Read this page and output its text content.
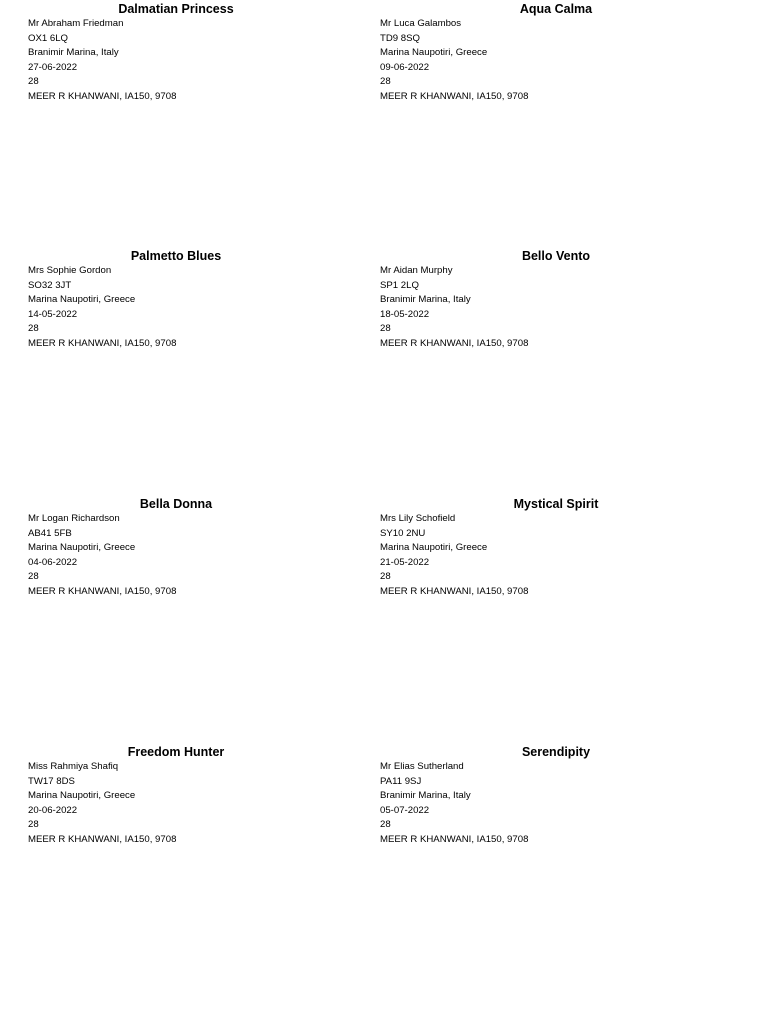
Dalmatian Princess
Mr Abraham Friedman
OX1 6LQ
Branimir Marina, Italy
27-06-2022
28
MEER R KHANWANI, IA150, 9708
Aqua Calma
Mr Luca Galambos
TD9 8SQ
Marina Naupotiri, Greece
09-06-2022
28
MEER R KHANWANI, IA150, 9708
Palmetto Blues
Mrs Sophie Gordon
SO32 3JT
Marina Naupotiri, Greece
14-05-2022
28
MEER R KHANWANI, IA150, 9708
Bello Vento
Mr Aidan Murphy
SP1 2LQ
Branimir Marina, Italy
18-05-2022
28
MEER R KHANWANI, IA150, 9708
Bella Donna
Mr Logan Richardson
AB41 5FB
Marina Naupotiri, Greece
04-06-2022
28
MEER R KHANWANI, IA150, 9708
Mystical Spirit
Mrs Lily Schofield
SY10 2NU
Marina Naupotiri, Greece
21-05-2022
28
MEER R KHANWANI, IA150, 9708
Freedom Hunter
Miss Rahmiya Shafiq
TW17 8DS
Marina Naupotiri, Greece
20-06-2022
28
MEER R KHANWANI, IA150, 9708
Serendipity
Mr Elias Sutherland
PA11 9SJ
Branimir Marina, Italy
05-07-2022
28
MEER R KHANWANI, IA150, 9708
